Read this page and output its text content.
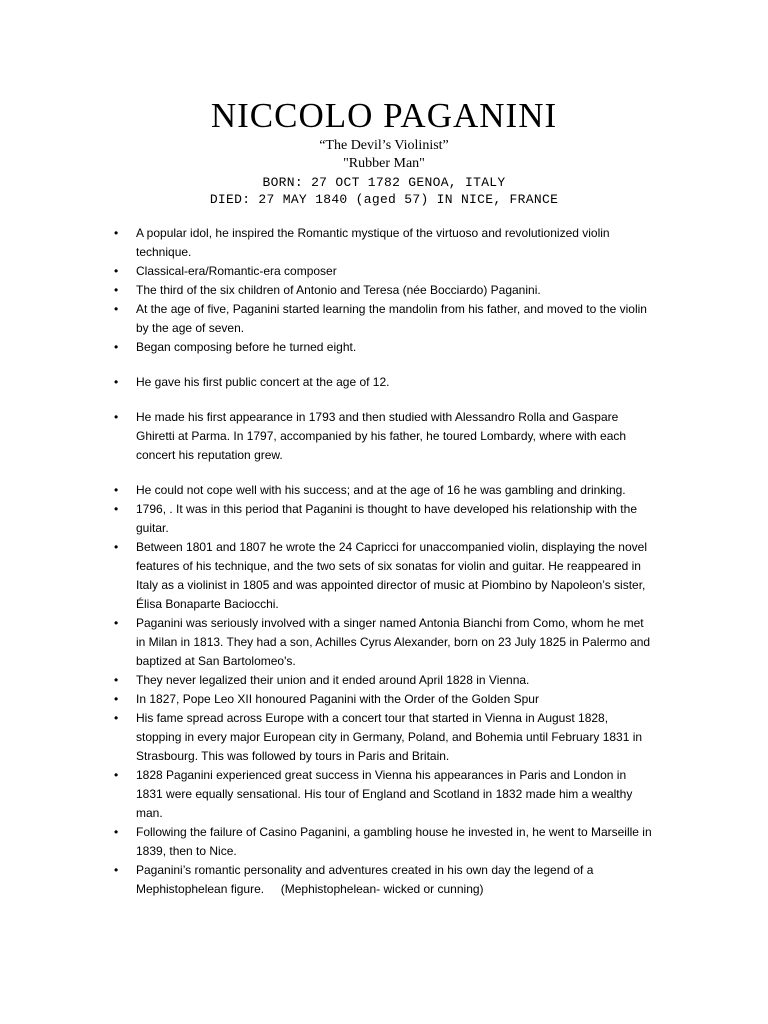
NICCOLO PAGANINI
“The Devil’s Violinist”
"Rubber Man"
BORN: 27 OCT 1782 GENOA, ITALY
DIED: 27 MAY 1840 (aged 57) IN NICE, FRANCE
• A popular idol, he inspired the Romantic mystique of the virtuoso and revolutionized violin technique.
• Classical-era/Romantic-era composer
• The third of the six children of Antonio and Teresa (née Bocciardo) Paganini.
• At the age of five, Paganini started learning the mandolin from his father, and moved to the violin by the age of seven.
• Began composing before he turned eight.
• He gave his first public concert at the age of 12.
• He made his first appearance in 1793 and then studied with Alessandro Rolla and Gaspare Ghiretti at Parma. In 1797, accompanied by his father, he toured Lombardy, where with each concert his reputation grew.
• He could not cope well with his success; and at the age of 16 he was gambling and drinking.
• 1796, . It was in this period that Paganini is thought to have developed his relationship with the guitar.
• Between 1801 and 1807 he wrote the 24 Capricci for unaccompanied violin, displaying the novel features of his technique, and the two sets of six sonatas for violin and guitar. He reappeared in Italy as a violinist in 1805 and was appointed director of music at Piombino by Napoleon’s sister, Élisa Bonaparte Baciocchi.
• Paganini was seriously involved with a singer named Antonia Bianchi from Como, whom he met in Milan in 1813. They had a son, Achilles Cyrus Alexander, born on 23 July 1825 in Palermo and baptized at San Bartolomeo's.
• They never legalized their union and it ended around April 1828 in Vienna.
• In 1827, Pope Leo XII honoured Paganini with the Order of the Golden Spur
• His fame spread across Europe with a concert tour that started in Vienna in August 1828, stopping in every major European city in Germany, Poland, and Bohemia until February 1831 in Strasbourg. This was followed by tours in Paris and Britain.
• 1828 Paganini experienced great success in Vienna his appearances in Paris and London in 1831 were equally sensational. His tour of England and Scotland in 1832 made him a wealthy man.
• Following the failure of Casino Paganini, a gambling house he invested in, he went to Marseille in 1839, then to Nice.
• Paganini’s romantic personality and adventures created in his own day the legend of a Mephistophelean figure.     (Mephistophelean- wicked or cunning)
